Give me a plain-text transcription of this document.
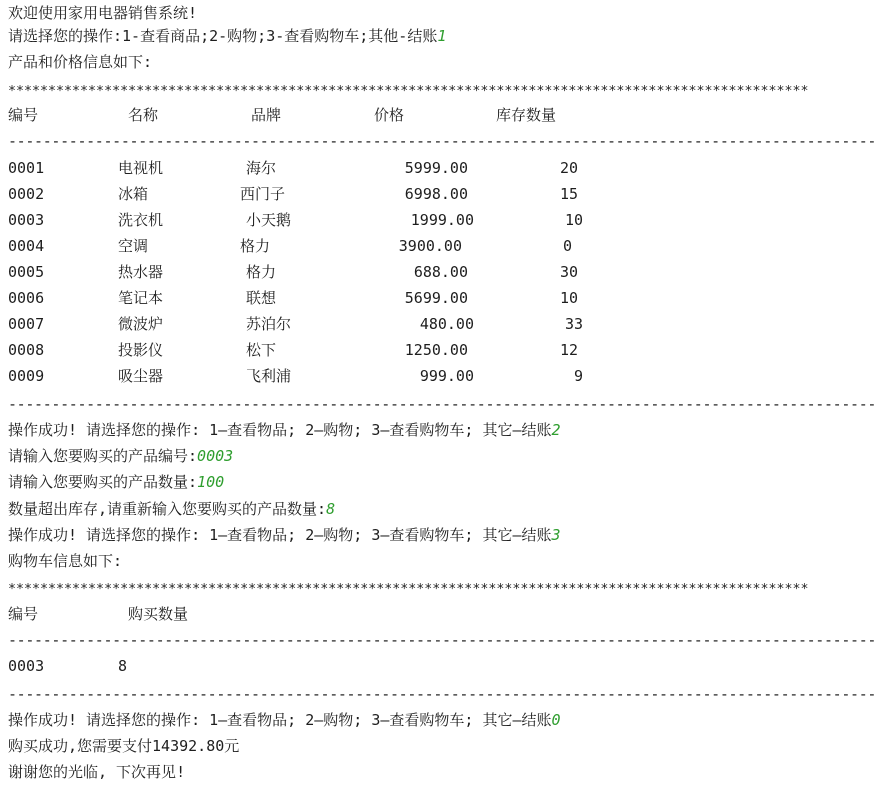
欢迎使用家用电器销售系统!
请选择您的操作:1-查看商品;2-购物;3-查看购物车;其他-结账1
产品和价格信息如下:
****************************************************************************************************
编号	名称	品牌	价格	库存数量
----------------------------------------------------------------------------------------------------
0001	电视机	海尔	5999.00	20
0002	冰箱	西门子	6998.00	15
0003	洗衣机	小天鹅	1999.00	10
0004	空调	格力	3900.00	0
0005	热水器	格力	688.00	30
0006	笔记本	联想	5699.00	10
0007	微波炉	苏泊尔	480.00	33
0008	投影仪	松下	1250.00	12
0009	吸尘器	飞利浦	999.00	9
----------------------------------------------------------------------------------------------------
操作成功! 请选择您的操作: 1—查看物品; 2—购物; 3—查看购物车; 其它—结账2
请输入您要购买的产品编号:0003
请输入您要购买的产品数量:100
数量超出库存,请重新输入您要购买的产品数量:8
操作成功! 请选择您的操作: 1—查看物品; 2—购物; 3—查看购物车; 其它—结账3
购物车信息如下:
****************************************************************************************************
编号	购买数量
----------------------------------------------------------------------------------------------------
0003	8
----------------------------------------------------------------------------------------------------
操作成功! 请选择您的操作: 1—查看物品; 2—购物; 3—查看购物车; 其它—结账0
购买成功,您需要支付14392.80元
谢谢您的光临, 下次再见!
